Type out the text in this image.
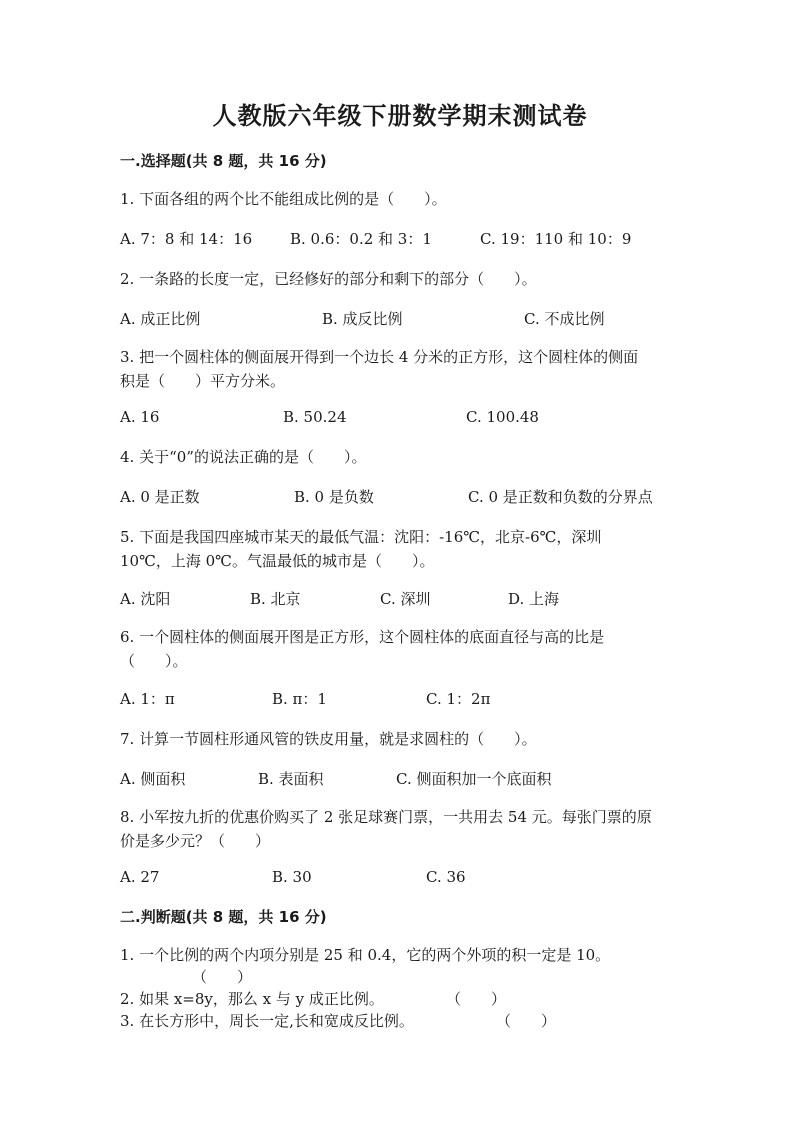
人教版六年级下册数学期末测试卷
一.选择题(共 8 题，共 16 分)
1. 下面各组的两个比不能组成比例的是（　　）。
A. 7：8 和 14：16	B. 0.6：0.2 和 3：1	C. 19：110 和 10：9
2. 一条路的长度一定，已经修好的部分和剩下的部分（　　）。
A. 成正比例	B. 成反比例	C. 不成比例
3. 把一个圆柱体的侧面展开得到一个边长 4 分米的正方形，这个圆柱体的侧面
积是（　　）平方分米。
A. 16	B. 50.24	C. 100.48
4. 关于“0”的说法正确的是（　　）。
A. 0 是正数	B. 0 是负数	C. 0 是正数和负数的分界点
5. 下面是我国四座城市某天的最低气温：沈阳：-16℃，北京-6℃，深圳
10℃，上海 0℃。气温最低的城市是（　　）。
A. 沈阳	B. 北京	C. 深圳	D. 上海
6. 一个圆柱体的侧面展开图是正方形，这个圆柱体的底面直径与高的比是
（　　）。
A. 1：π	B. π：1	C. 1：2π
7. 计算一节圆柱形通风管的铁皮用量，就是求圆柱的（　　）。
A. 侧面积	B. 表面积	C. 侧面积加一个底面积
8. 小军按九折的优惠价购买了 2 张足球赛门票，一共用去 54 元。每张门票的原
价是多少元？（　　）
A. 27	B. 30	C. 36
二.判断题(共 8 题，共 16 分)
1. 一个比例的两个内项分别是 25 和 0.4，它的两个外项的积一定是 10。
（　　）
2. 如果 x=8y，那么 x 与 y 成正比例。	（　　）
3. 在长方形中，周长一定,长和宽成反比例。	（　　）
